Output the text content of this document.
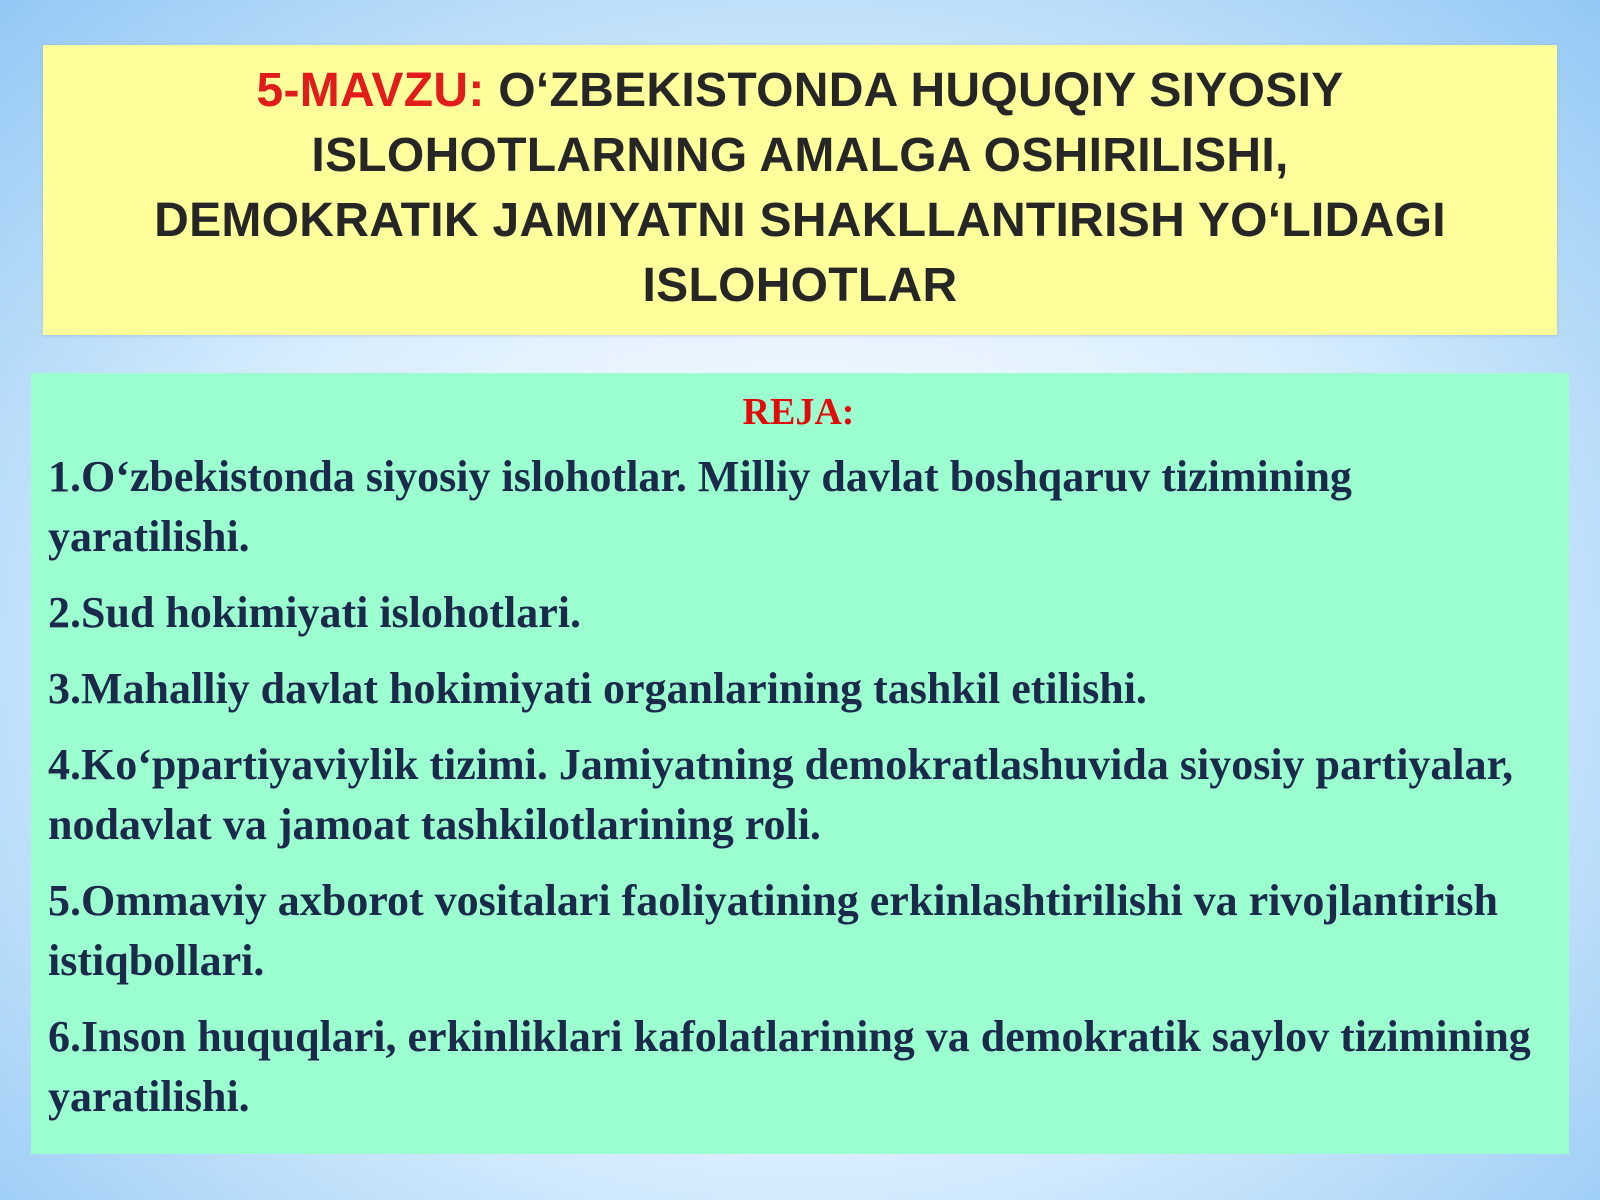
5-MAVZU: O‘ZBEKISTONDA HUQUQIY SIYOSIY ISLOHOTLARNING AMALGA OSHIRILISHI, DEMOKRATIK JAMIYATNI SHAKLLANTIRISH YO‘LIDAGI ISLOHOTLAR
REJA:
1.O‘zbekistonda siyosiy islohotlar. Milliy davlat boshqaruv tizimining yaratilishi.
2.Sud hokimiyati islohotlari.
3.Mahalliy davlat hokimiyati organlarining tashkil etilishi.
4.Ko‘ppartiyaviylik tizimi. Jamiyatning demokratlashuvida siyosiy partiyalar, nodavlat va jamoat tashkilotlarining roli.
5.Ommaviy axborot vositalari faoliyatining erkinlashtirilishi va rivojlantirish istiqbollari.
6.Inson huquqlari, erkinliklari kafolatlarining va demokratik saylov tizimining yaratilishi.
